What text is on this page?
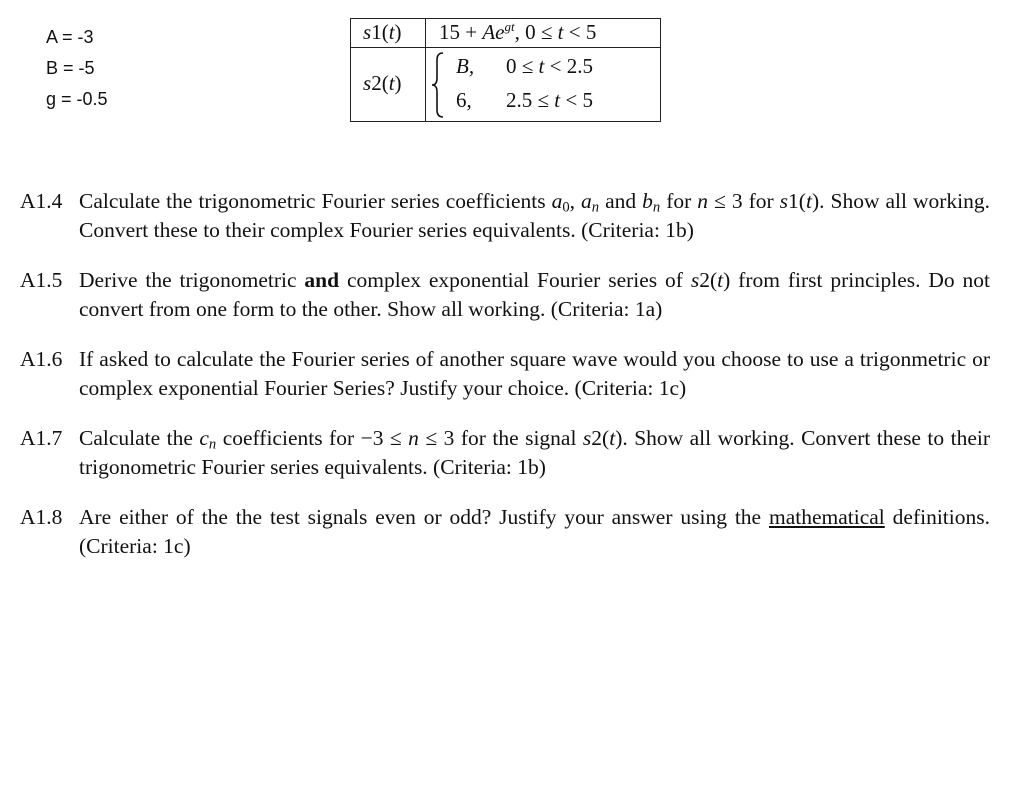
A = -3
B = -5
g = -0.5
s1(t) $15 + Ae^{gt}$, 0 ≤ t < 5
s2(t)
B, 0 ≤ t < 2.5
6, 2.5 ≤ t < 5
A1.4 Calculate the trigonometric Fourier series coefficients $a_0$, $a_n$ and $b_n$ for n ≤ 3 for s1(t). Show all working. Convert these to their complex Fourier series equivalents. (Criteria: 1b)
A1.5 Derive the trigonometric and complex exponential Fourier series of s2(t) from first principles. Do not convert from one form to the other. Show all working. (Criteria: 1a)
A1.6 If asked to calculate the Fourier series of another square wave would you choose to use a trigonmetric or complex exponential Fourier Series? Justify your choice. (Criteria: 1c)
A1.7 Calculate the $c_n$ coefficients for −3 ≤ n ≤ 3 for the signal s2(t). Show all working. Convert these to their trigonometric Fourier series equivalents. (Criteria: 1b)
A1.8 Are either of the the test signals even or odd? Justify your answer using the mathematical definitions. (Criteria: 1c)
